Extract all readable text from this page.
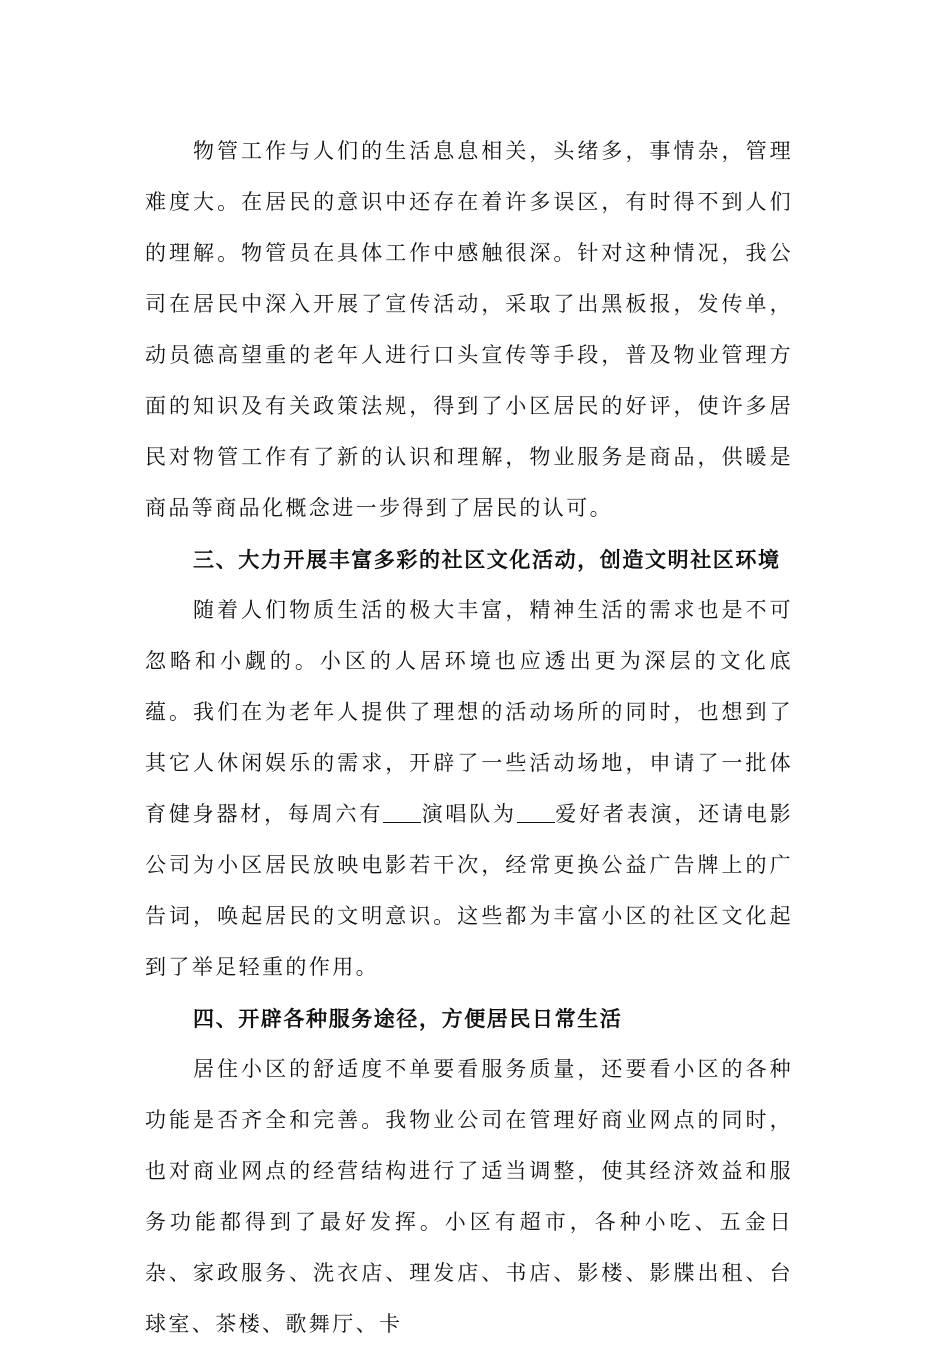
物管工作与人们的生活息息相关，头绪多，事情杂，管理难度大。在居民的意识中还存在着许多误区，有时得不到人们的理解。物管员在具体工作中感触很深。针对这种情况，我公司在居民中深入开展了宣传活动，采取了出黑板报，发传单，动员德高望重的老年人进行口头宣传等手段，普及物业管理方面的知识及有关政策法规，得到了小区居民的好评，使许多居民对物管工作有了新的认识和理解，物业服务是商品，供暖是商品等商品化概念进一步得到了居民的认可。

三、大力开展丰富多彩的社区文化活动，创造文明社区环境

随着人们物质生活的极大丰富，精神生活的需求也是不可忽略和小觑的。小区的人居环境也应透出更为深层的文化底蕴。我们在为老年人提供了理想的活动场所的同时，也想到了其它人休闲娱乐的需求，开辟了一些活动场地，申请了一批体育健身器材，每周六有 演唱队为 爱好者表演，还请电影公司为小区居民放映电影若干次，经常更换公益广告牌上的广告词，唤起居民的文明意识。这些都为丰富小区的社区文化起到了举足轻重的作用。

四、开辟各种服务途径，方便居民日常生活

居住小区的舒适度不单要看服务质量，还要看小区的各种功能是否齐全和完善。我物业公司在管理好商业网点的同时，也对商业网点的经营结构进行了适当调整，使其经济效益和服务功能都得到了最好发挥。小区有超市，各种小吃、五金日杂、家政服务、洗衣店、理发店、书店、影楼、影牒出租、台球室、茶楼、歌舞厅、卡
